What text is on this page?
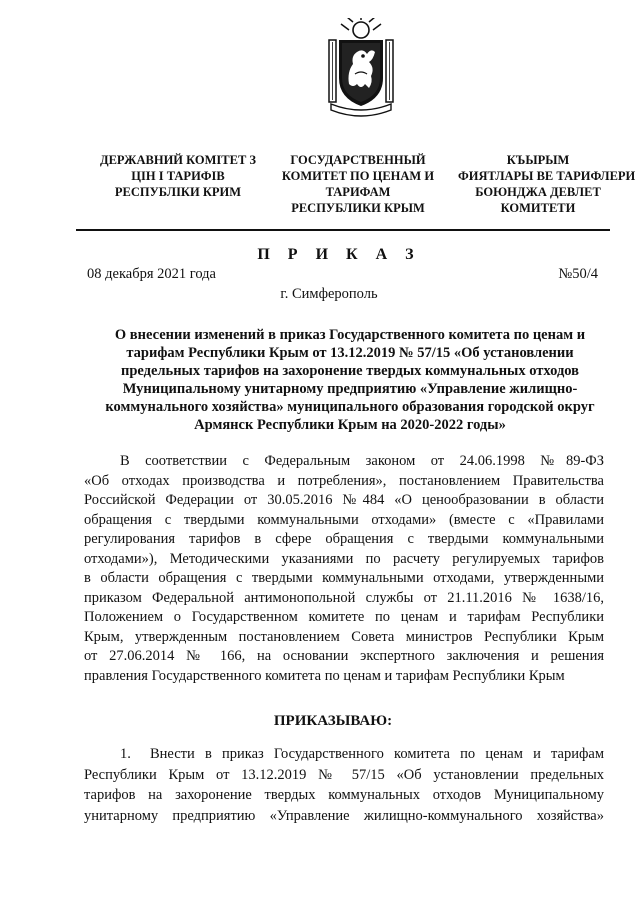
ДЕРЖАВНИЙ КОМІТЕТ З
ЦІН І ТАРИФІВ
РЕСПУБЛІКИ КРИМ
ГОСУДАРСТВЕННЫЙ
КОМИТЕТ ПО ЦЕНАМ И
ТАРИФАМ
РЕСПУБЛИКИ КРЫМ
КЪЫРЫМ
ФИЯТЛАРЫ ВЕ ТАРИФЛЕРИ
БОЮНДЖА ДЕВЛЕТ
КОМИТЕТИ
П Р И К А З
08 декабря 2021 года	№50/4
г. Симферополь
О внесении изменений в приказ Государственного комитета по ценам и
тарифам Республики Крым от 13.12.2019 № 57/15 «Об установлении
предельных тарифов на захоронение твердых коммунальных отходов
Муниципальному унитарному предприятию «Управление жилищно-
коммунального хозяйства» муниципального образования городской округ
Армянск Республики Крым на 2020-2022 годы»
В соответствии с Федеральным законом от 24.06.1998 №89-ФЗ
«Об отходах производства и потребления», постановлением Правительства
Российской Федерации от 30.05.2016 №484 «О ценообразовании в области
обращения с твердыми коммунальными отходами» (вместе с «Правилами
регулирования тарифов в сфере обращения с твердыми коммунальными
отходами»), Методическими указаниями по расчету регулируемых тарифов
в области обращения с твердыми коммунальными отходами, утвержденными
приказом Федеральной антимонопольной службы от 21.11.2016 № 1638/16,
Положением о Государственном комитете по ценам и тарифам Республики
Крым, утвержденным постановлением Совета министров Республики Крым
от 27.06.2014 № 166, на основании экспертного заключения и решения
правления Государственного комитета по ценам и тарифам Республики Крым
ПРИКАЗЫВАЮ:
1. Внести в приказ Государственного комитета по ценам и тарифам
Республики Крым от 13.12.2019 № 57/15 «Об установлении предельных
тарифов на захоронение твердых коммунальных отходов Муниципальному
унитарному предприятию «Управление жилищно-коммунального хозяйства»
